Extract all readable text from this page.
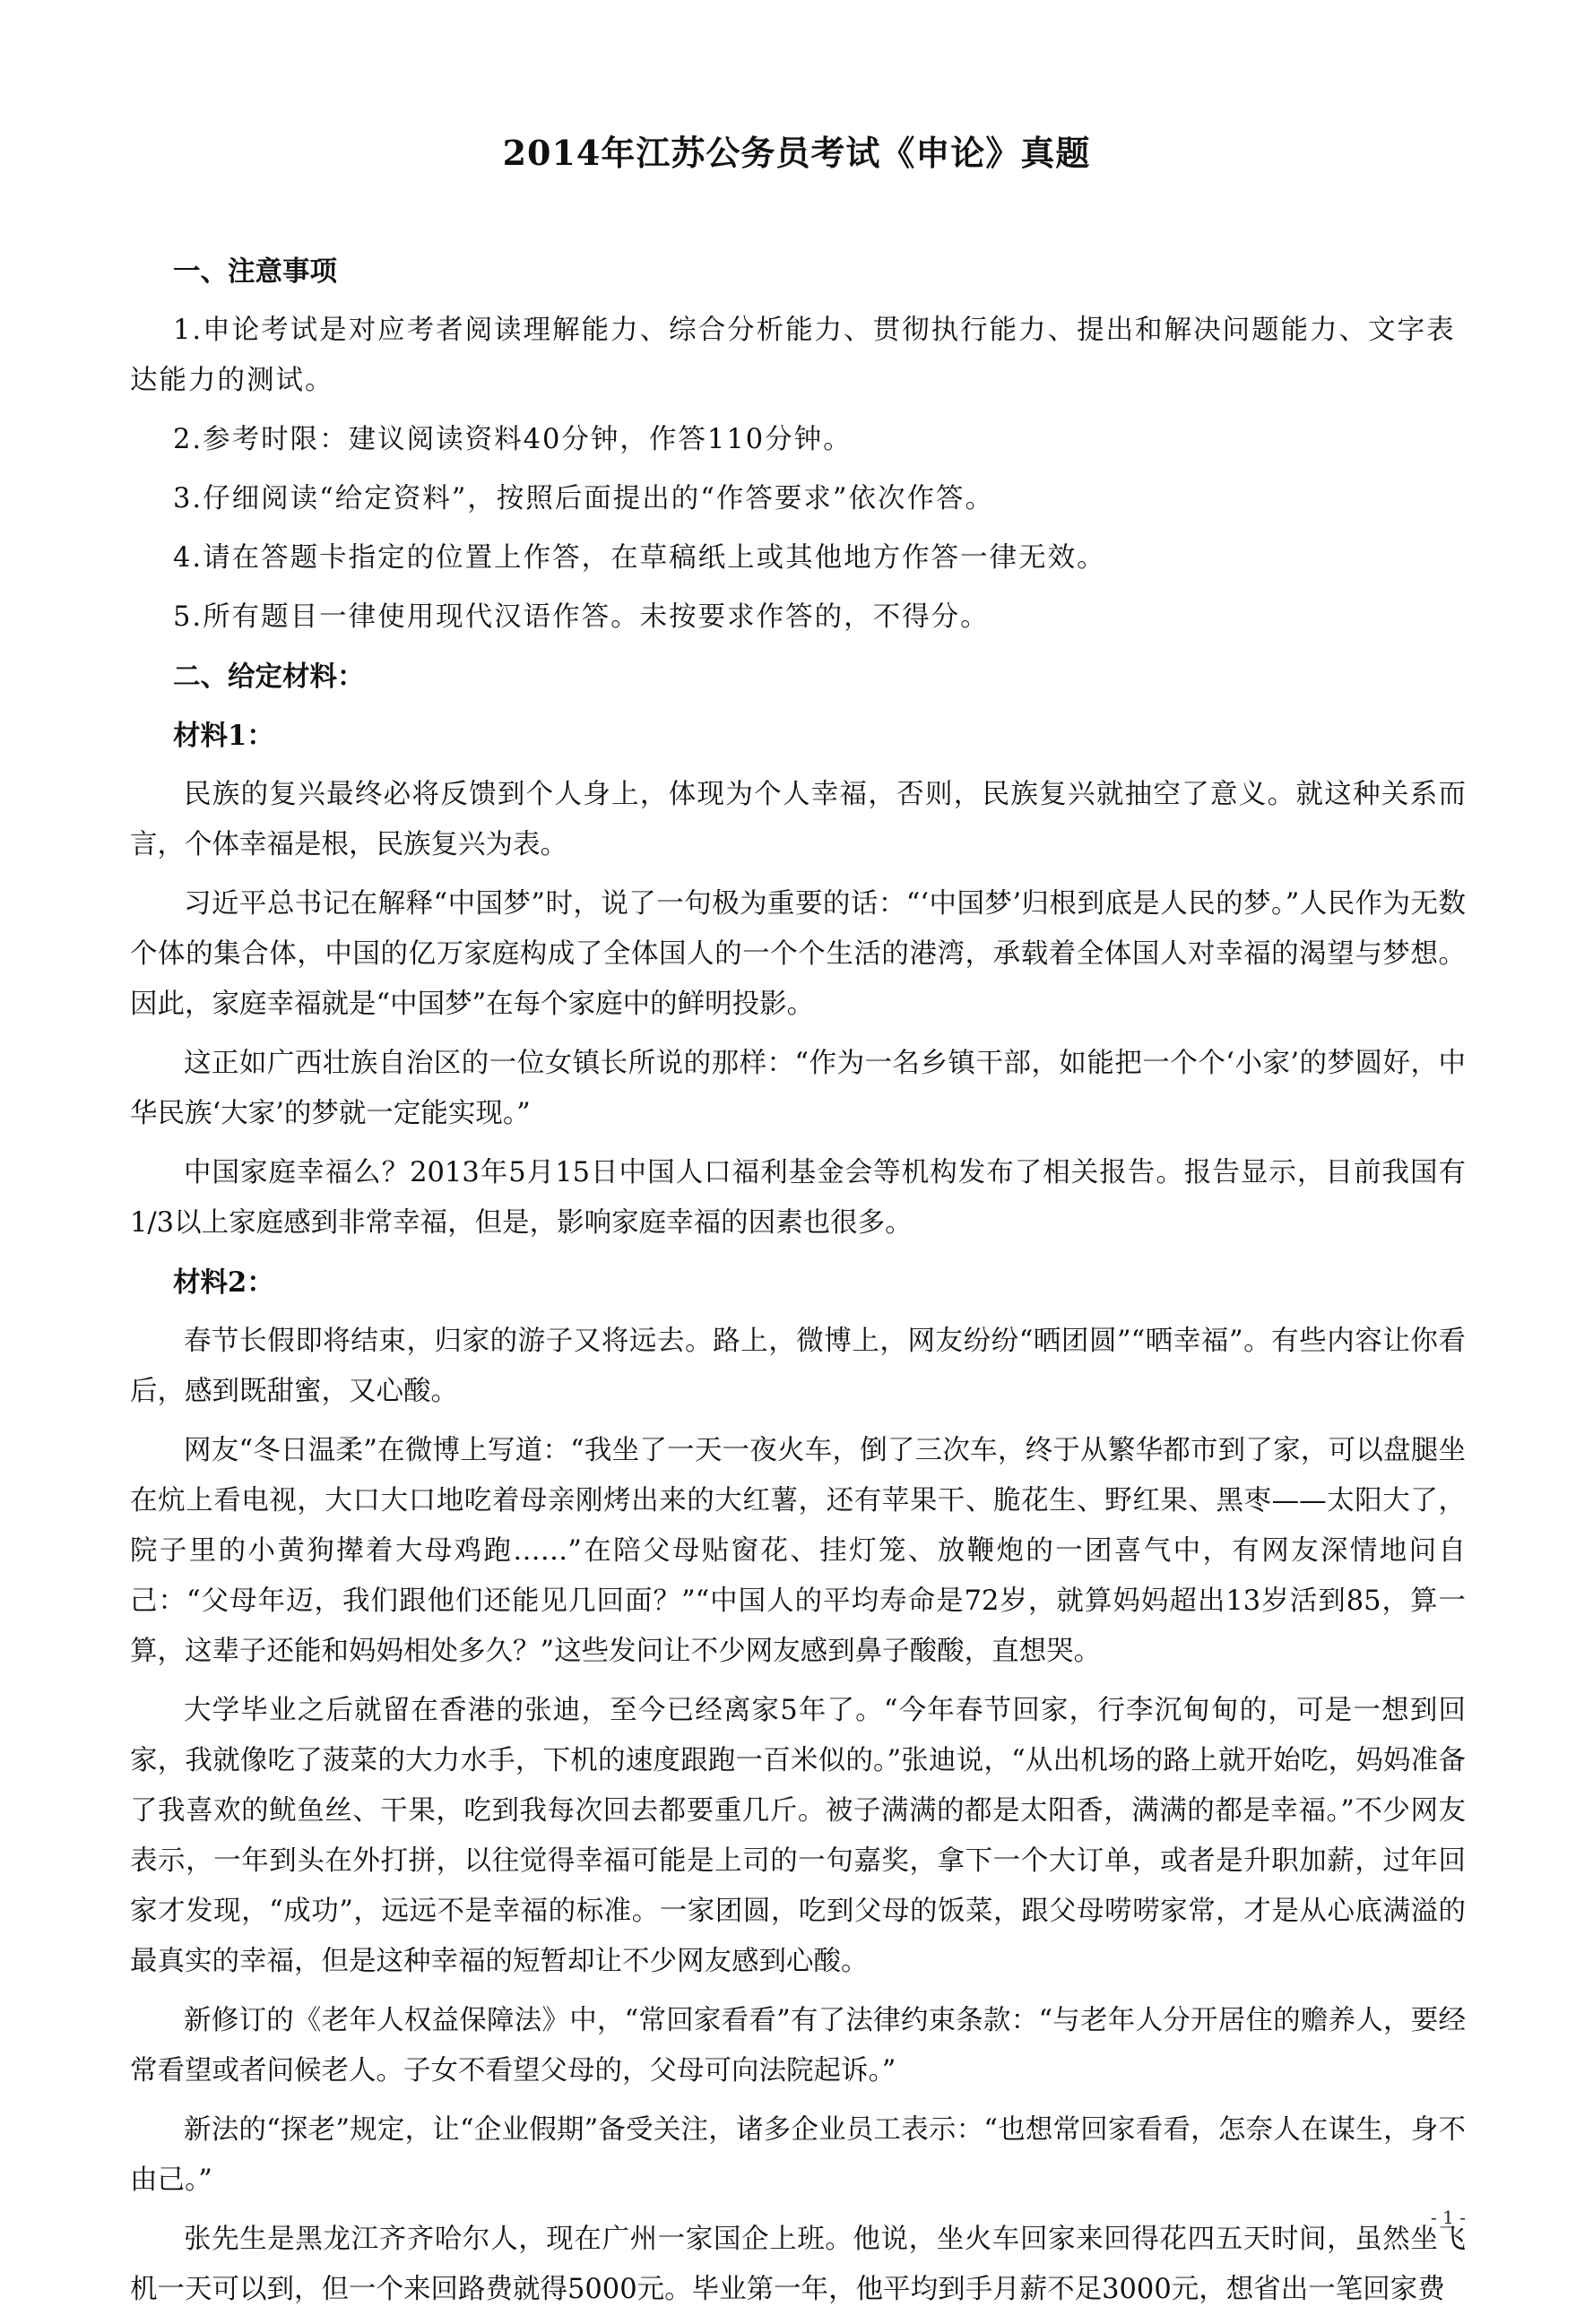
2014年江苏公务员考试《申论》真题

一、注意事项

1.申论考试是对应考者阅读理解能力、综合分析能力、贯彻执行能力、提出和解决问题能力、文字表达能力的测试。

2.参考时限：建议阅读资料40分钟，作答110分钟。

3.仔细阅读“给定资料”，按照后面提出的“作答要求”依次作答。

4.请在答题卡指定的位置上作答，在草稿纸上或其他地方作答一律无效。

5.所有题目一律使用现代汉语作答。未按要求作答的，不得分。

二、给定材料：

材料1：

民族的复兴最终必将反馈到个人身上，体现为个人幸福，否则，民族复兴就抽空了意义。就这种关系而言，个体幸福是根，民族复兴为表。

习近平总书记在解释“中国梦”时，说了一句极为重要的话：“‘中国梦’归根到底是人民的梦。”人民作为无数个体的集合体，中国的亿万家庭构成了全体国人的一个个生活的港湾，承载着全体国人对幸福的渴望与梦想。因此，家庭幸福就是“中国梦”在每个家庭中的鲜明投影。

这正如广西壮族自治区的一位女镇长所说的那样：“作为一名乡镇干部，如能把一个个‘小家’的梦圆好，中华民族‘大家’的梦就一定能实现。”

中国家庭幸福么？2013年5月15日中国人口福利基金会等机构发布了相关报告。报告显示，目前我国有1/3以上家庭感到非常幸福，但是，影响家庭幸福的因素也很多。

材料2：

春节长假即将结束，归家的游子又将远去。路上，微博上，网友纷纷“晒团圆”“晒幸福”。有些内容让你看后，感到既甜蜜，又心酸。

网友“冬日温柔”在微博上写道：“我坐了一天一夜火车，倒了三次车，终于从繁华都市到了家，可以盘腿坐在炕上看电视，大口大口地吃着母亲刚烤出来的大红薯，还有苹果干、脆花生、野红果、黑枣——太阳大了，院子里的小黄狗撵着大母鸡跑……”在陪父母贴窗花、挂灯笼、放鞭炮的一团喜气中，有网友深情地问自己：“父母年迈，我们跟他们还能见几回面？”“中国人的平均寿命是72岁，就算妈妈超出13岁活到85，算一算，这辈子还能和妈妈相处多久？”这些发问让不少网友感到鼻子酸酸，直想哭。

大学毕业之后就留在香港的张迪，至今已经离家5年了。“今年春节回家，行李沉甸甸的，可是一想到回家，我就像吃了菠菜的大力水手，下机的速度跟跑一百米似的。”张迪说，“从出机场的路上就开始吃，妈妈准备了我喜欢的鱿鱼丝、干果，吃到我每次回去都要重几斤。被子满满的都是太阳香，满满的都是幸福。”不少网友表示，一年到头在外打拼，以往觉得幸福可能是上司的一句嘉奖，拿下一个大订单，或者是升职加薪，过年回家才发现，“成功”，远远不是幸福的标准。一家团圆，吃到父母的饭菜，跟父母唠唠家常，才是从心底满溢的最真实的幸福，但是这种幸福的短暂却让不少网友感到心酸。

新修订的《老年人权益保障法》中，“常回家看看”有了法律约束条款：“与老年人分开居住的赡养人，要经常看望或者问候老人。子女不看望父母的，父母可向法院起诉。”

新法的“探老”规定，让“企业假期”备受关注，诸多企业员工表示：“也想常回家看看，怎奈人在谋生，身不由己。”

张先生是黑龙江齐齐哈尔人，现在广州一家国企上班。他说，坐火车回家来回得花四五天时间，虽然坐飞机一天可以到，但一个来回路费就得5000元。毕业第一年，他平均到手月薪不足3000元，想省出一笔回家费

- 1 -
